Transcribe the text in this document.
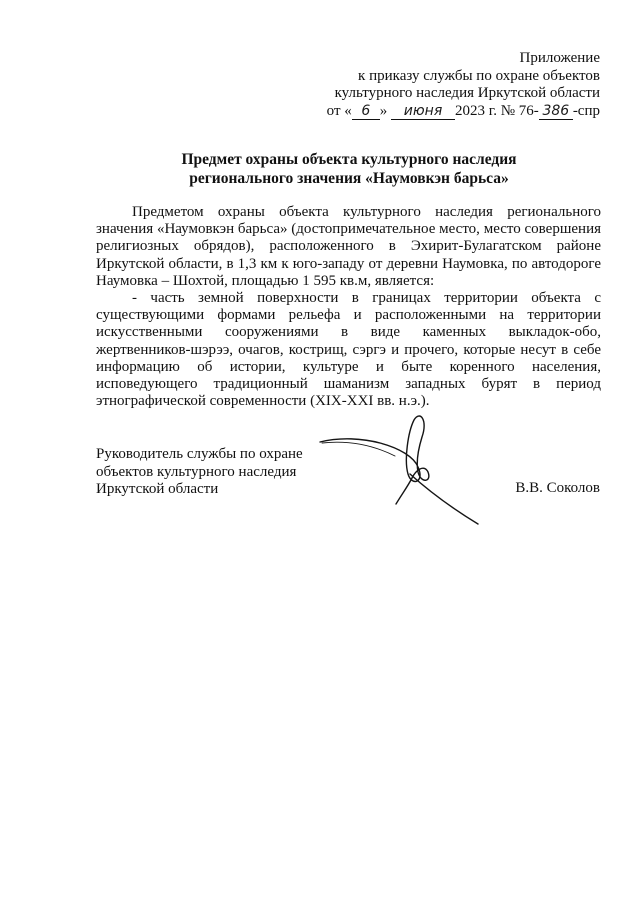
Приложение
к приказу службы по охране объектов
культурного наследия Иркутской области
от « 6 » июня 2023 г. № 76- 386 -спр
Предмет охраны объекта культурного наследия
регионального значения «Наумовкэн барьса»

Предметом охраны объекта культурного наследия регионального значения «Наумовкэн барьса» (достопримечательное место, место совершения религиозных обрядов), расположенного в Эхирит-Булагатском районе Иркутской области, в 1,3 км к юго-западу от деревни Наумовка, по автодороге Наумовка – Шохтой, площадью 1 595 кв.м, является:

- часть земной поверхности в границах территории объекта с существующими формами рельефа и расположенными на территории искусственными сооружениями в виде каменных выкладок-обо, жертвенников-шэрээ, очагов, кострищ, сэргэ и прочего, которые несут в себе информацию об истории, культуре и быте коренного населения, исповедующего традиционный шаманизм западных бурят в период этнографической современности (XIX-XXI вв. н.э.).

Руководитель службы по охране
объектов культурного наследия
Иркутской области	В.В. Соколов
